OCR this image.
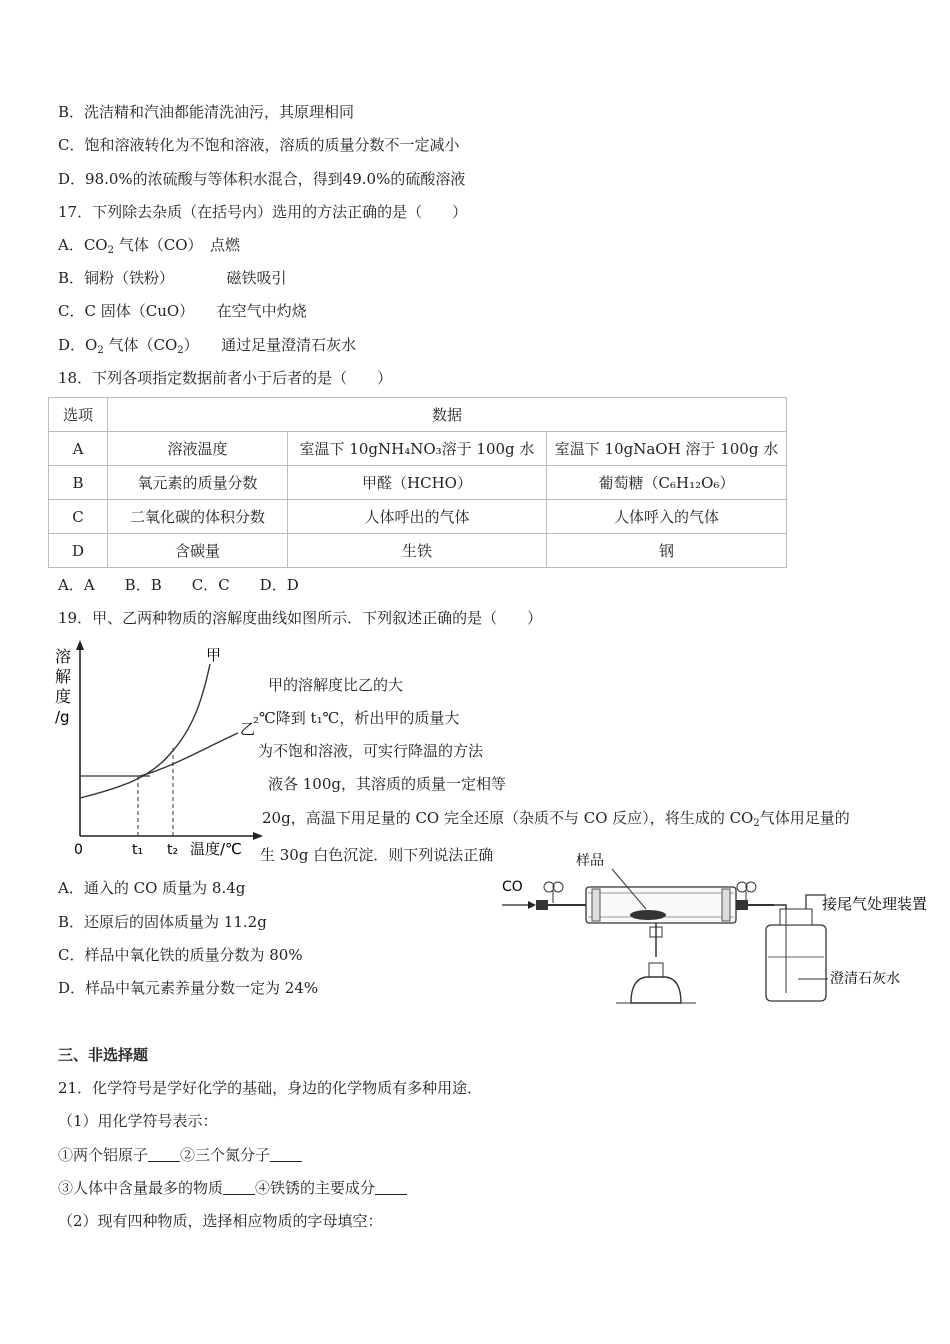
B．洗洁精和汽油都能清洗油污，其原理相同
C．饱和溶液转化为不饱和溶液，溶质的质量分数不一定减小
D．98.0%的浓硫酸与等体积水混合，得到49.0%的硫酸溶液
17．下列除去杂质（在括号内）选用的方法正确的是（　　）
A．$CO_2$ 气体（CO）　点燃
B．铜粉（铁粉）　　　　磁铁吸引
C．C 固体（CuO）　　在空气中灼烧
D．$O_2$ 气体$(CO_2)$　　通过足量澄清石灰水
18．下列各项指定数据前者小于后者的是（　　）
选项	数据		
A	溶液温度	室温下 10gNH₄NO₃溶于 100g 水	室温下 10gNaOH 溶于 100g 水
B	氧元素的质量分数	甲醛（HCHO）	葡萄糖（C₆H₁₂O₆）
C	二氧化碳的体积分数	人体呼出的气体	人体呼入的气体
D	含碳量	生铁	钢
A．A　　B．B　　C．C　　D．D
19．甲、乙两种物质的溶解度曲线如图所示．下列叙述正确的是（　　）
溶
解
度
/g
甲
乙
0	t₁ t₂ 温度/℃
甲的溶解度比乙的大
₂℃降到 t₁℃，析出甲的质量大
为不饱和溶液，可实行降温的方法
液各 100g，其溶质的质量一定相等
20g，高温下用足量的 CO 完全还原（杂质不与 CO 反应），将生成的 $CO_2$气体用足量的
生 30g 白色沉淀．则下列说法正确
A．通入的 CO 质量为 8.4g
B．还原后的固体质量为 11.2g
C．样品中氧化铁的质量分数为 80%
D．样品中氧元素养量分数一定为 24%
CO
样品
接尾气处理装置
澄清石灰水
三、非选择题
21．化学符号是学好化学的基础，身边的化学物质有多种用途．
（1）用化学符号表示：
①两个铝原子 ②三个氮分子
③人体中含量最多的物质 ④铁锈的主要成分
（2）现有四种物质，选择相应物质的字母填空：
